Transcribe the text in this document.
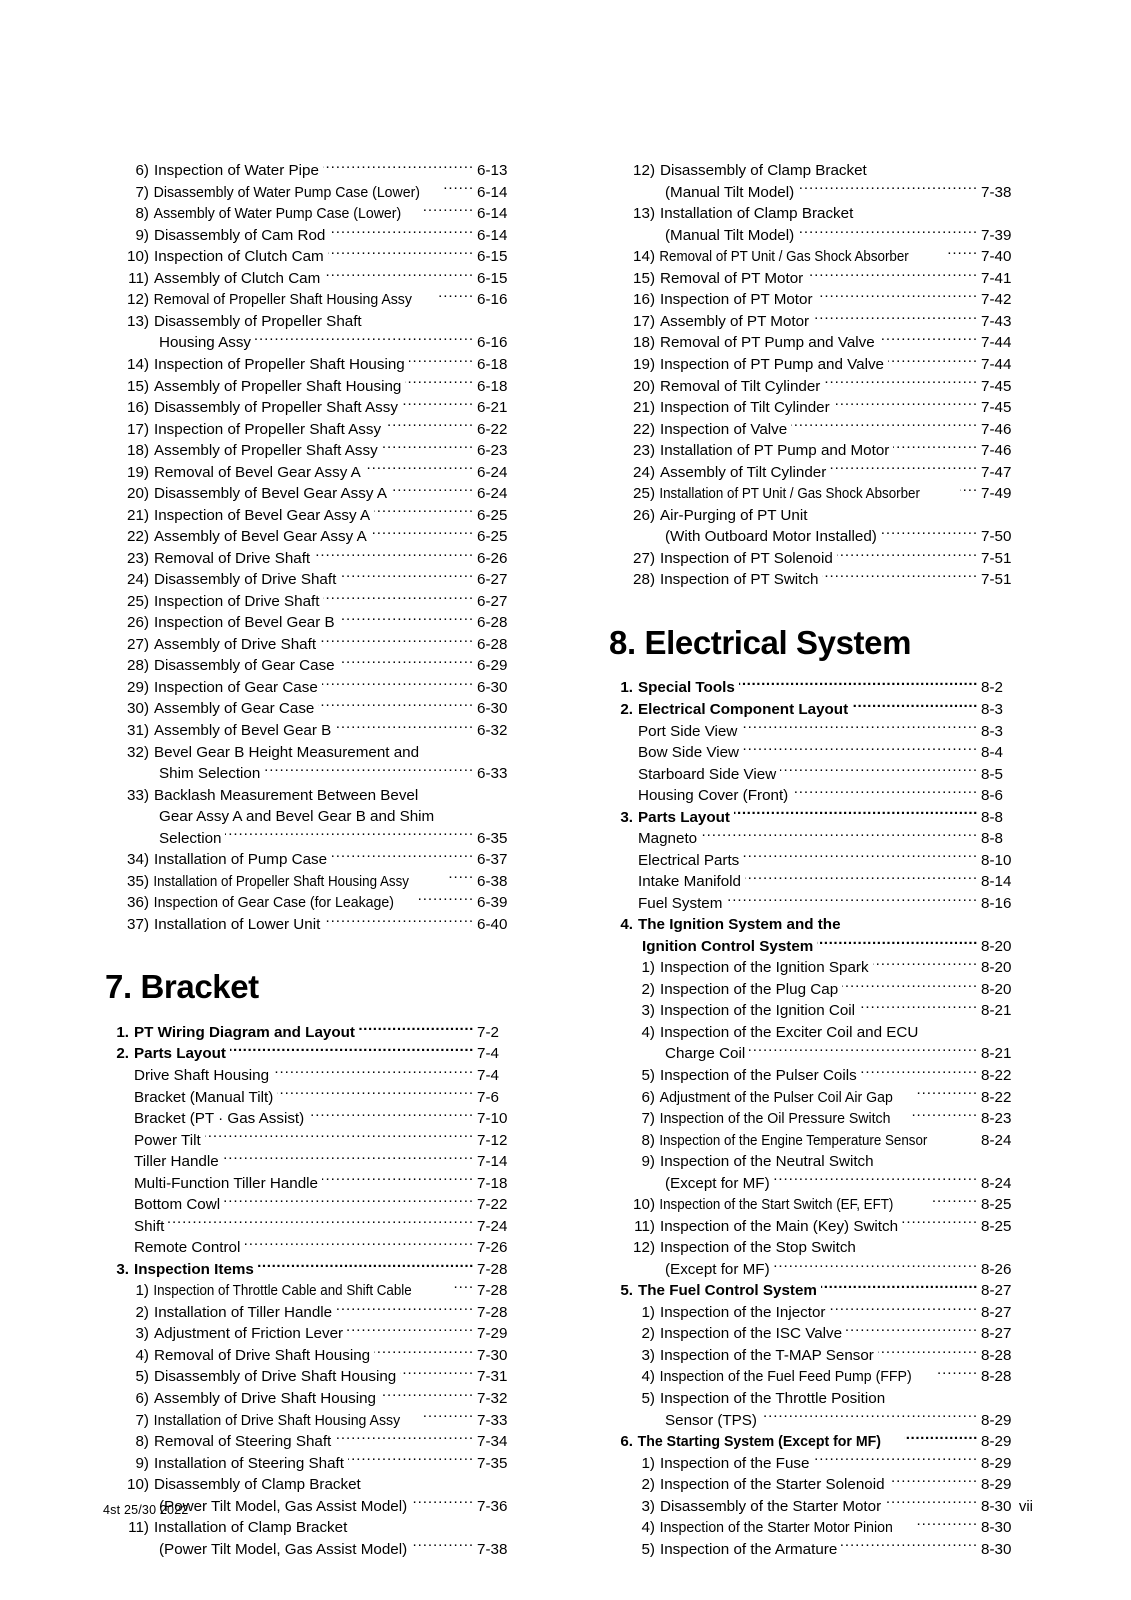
6) Inspection of Water Pipe .....	6-13
7) Disassembly of Water Pump Case (Lower) .....	6-14
8) Assembly of Water Pump Case (Lower) .....	6-14
9) Disassembly of Cam Rod .....	6-14
10) Inspection of Clutch Cam .....	6-15
11) Assembly of Clutch Cam .....	6-15
12) Removal of Propeller Shaft Housing Assy .....	6-16
13) Disassembly of Propeller Shaft
Housing Assy .....	6-16
14) Inspection of Propeller Shaft Housing .....	6-18
15) Assembly of Propeller Shaft Housing .....	6-18
16) Disassembly of Propeller Shaft Assy .....	6-21
17) Inspection of Propeller Shaft Assy .....	6-22
18) Assembly of Propeller Shaft Assy .....	6-23
19) Removal of Bevel Gear Assy A .....	6-24
20) Disassembly of Bevel Gear Assy A .....	6-24
21) Inspection of Bevel Gear Assy A .....	6-25
22) Assembly of Bevel Gear Assy A .....	6-25
23) Removal of Drive Shaft .....	6-26
24) Disassembly of Drive Shaft .....	6-27
25) Inspection of Drive Shaft .....	6-27
26) Inspection of Bevel Gear B .....	6-28
27) Assembly of Drive Shaft .....	6-28
28) Disassembly of Gear Case .....	6-29
29) Inspection of Gear Case .....	6-30
30) Assembly of Gear Case .....	6-30
31) Assembly of Bevel Gear B .....	6-32
32) Bevel Gear B Height Measurement and
Shim Selection .....	6-33
33) Backlash Measurement Between Bevel
Gear Assy A and Bevel Gear B and Shim
Selection .....	6-35
34) Installation of Pump Case .....	6-37
35) Installation of Propeller Shaft Housing Assy .....	6-38
36) Inspection of Gear Case (for Leakage) .....	6-39
37) Installation of Lower Unit .....	6-40
7. Bracket
1. PT Wiring Diagram and Layout .....	7-2
2. Parts Layout .....	7-4
Drive Shaft Housing .....	7-4
Bracket (Manual Tilt) .....	7-6
Bracket (PT · Gas Assist) .....	7-10
Power Tilt .....	7-12
Tiller Handle .....	7-14
Multi-Function Tiller Handle .....	7-18
Bottom Cowl .....	7-22
Shift .....	7-24
Remote Control .....	7-26
3. Inspection Items .....	7-28
1) Inspection of Throttle Cable and Shift Cable .....	7-28
2) Installation of Tiller Handle .....	7-28
3) Adjustment of Friction Lever .....	7-29
4) Removal of Drive Shaft Housing .....	7-30
5) Disassembly of Drive Shaft Housing .....	7-31
6) Assembly of Drive Shaft Housing .....	7-32
7) Installation of Drive Shaft Housing Assy .....	7-33
8) Removal of Steering Shaft .....	7-34
9) Installation of Steering Shaft .....	7-35
10) Disassembly of Clamp Bracket
(Power Tilt Model, Gas Assist Model) .....	7-36
11) Installation of Clamp Bracket
(Power Tilt Model, Gas Assist Model) .....	7-38
12) Disassembly of Clamp Bracket
(Manual Tilt Model) .....	7-38
13) Installation of Clamp Bracket
(Manual Tilt Model) .....	7-39
14) Removal of PT Unit / Gas Shock Absorber .....	7-40
15) Removal of PT Motor .....	7-41
16) Inspection of PT Motor .....	7-42
17) Assembly of PT Motor .....	7-43
18) Removal of PT Pump and Valve .....	7-44
19) Inspection of PT Pump and Valve .....	7-44
20) Removal of Tilt Cylinder .....	7-45
21) Inspection of Tilt Cylinder .....	7-45
22) Inspection of Valve .....	7-46
23) Installation of PT Pump and Motor .....	7-46
24) Assembly of Tilt Cylinder .....	7-47
25) Installation of PT Unit / Gas Shock Absorber .....	7-49
26) Air-Purging of PT Unit
(With Outboard Motor Installed) .....	7-50
27) Inspection of PT Solenoid .....	7-51
28) Inspection of PT Switch .....	7-51
8. Electrical System
1. Special Tools .....	8-2
2. Electrical Component Layout .....	8-3
Port Side View .....	8-3
Bow Side View .....	8-4
Starboard Side View .....	8-5
Housing Cover (Front) .....	8-6
3. Parts Layout .....	8-8
Magneto .....	8-8
Electrical Parts .....	8-10
Intake Manifold .....	8-14
Fuel System .....	8-16
4. The Ignition System and the
Ignition Control System .....	8-20
1) Inspection of the Ignition Spark .....	8-20
2) Inspection of the Plug Cap .....	8-20
3) Inspection of the Ignition Coil .....	8-21
4) Inspection of the Exciter Coil and ECU
Charge Coil .....	8-21
5) Inspection of the Pulser Coils .....	8-22
6) Adjustment of the Pulser Coil Air Gap .....	8-22
7) Inspection of the Oil Pressure Switch .....	8-23
8) Inspection of the Engine Temperature Sensor	8-24
9) Inspection of the Neutral Switch
(Except for MF) .....	8-24
10) Inspection of the Start Switch (EF, EFT) .....	8-25
11) Inspection of the Main (Key) Switch .....	8-25
12) Inspection of the Stop Switch
(Except for MF) .....	8-26
5. The Fuel Control System .....	8-27
1) Inspection of the Injector .....	8-27
2) Inspection of the ISC Valve .....	8-27
3) Inspection of the T-MAP Sensor .....	8-28
4) Inspection of the Fuel Feed Pump (FFP) .....	8-28
5) Inspection of the Throttle Position
Sensor (TPS) .....	8-29
6. The Starting System (Except for MF) .....	8-29
1) Inspection of the Fuse .....	8-29
2) Inspection of the Starter Solenoid .....	8-29
3) Disassembly of the Starter Motor .....	8-30
4) Inspection of the Starter Motor Pinion .....	8-30
5) Inspection of the Armature .....	8-30
4st 25/30 2022	vii
